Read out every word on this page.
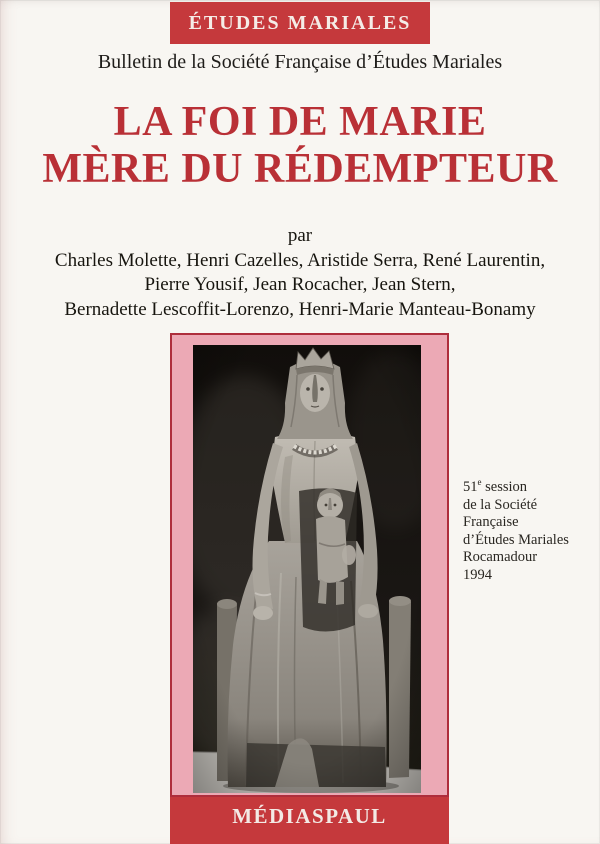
ÉTUDES MARIALES
Bulletin de la Société Française d’Études Mariales
LA FOI DE MARIE
MÈRE DU RÉDEMPTEUR
par
Charles Molette, Henri Cazelles, Aristide Serra, René Laurentin,
Pierre Yousif, Jean Rocacher, Jean Stern,
Bernadette Lescoffit-Lorenzo, Henri-Marie Manteau-Bonamy
51e session
de la Société
Française
d’Études Mariales
Rocamadour
1994
MÉDIASPAUL
